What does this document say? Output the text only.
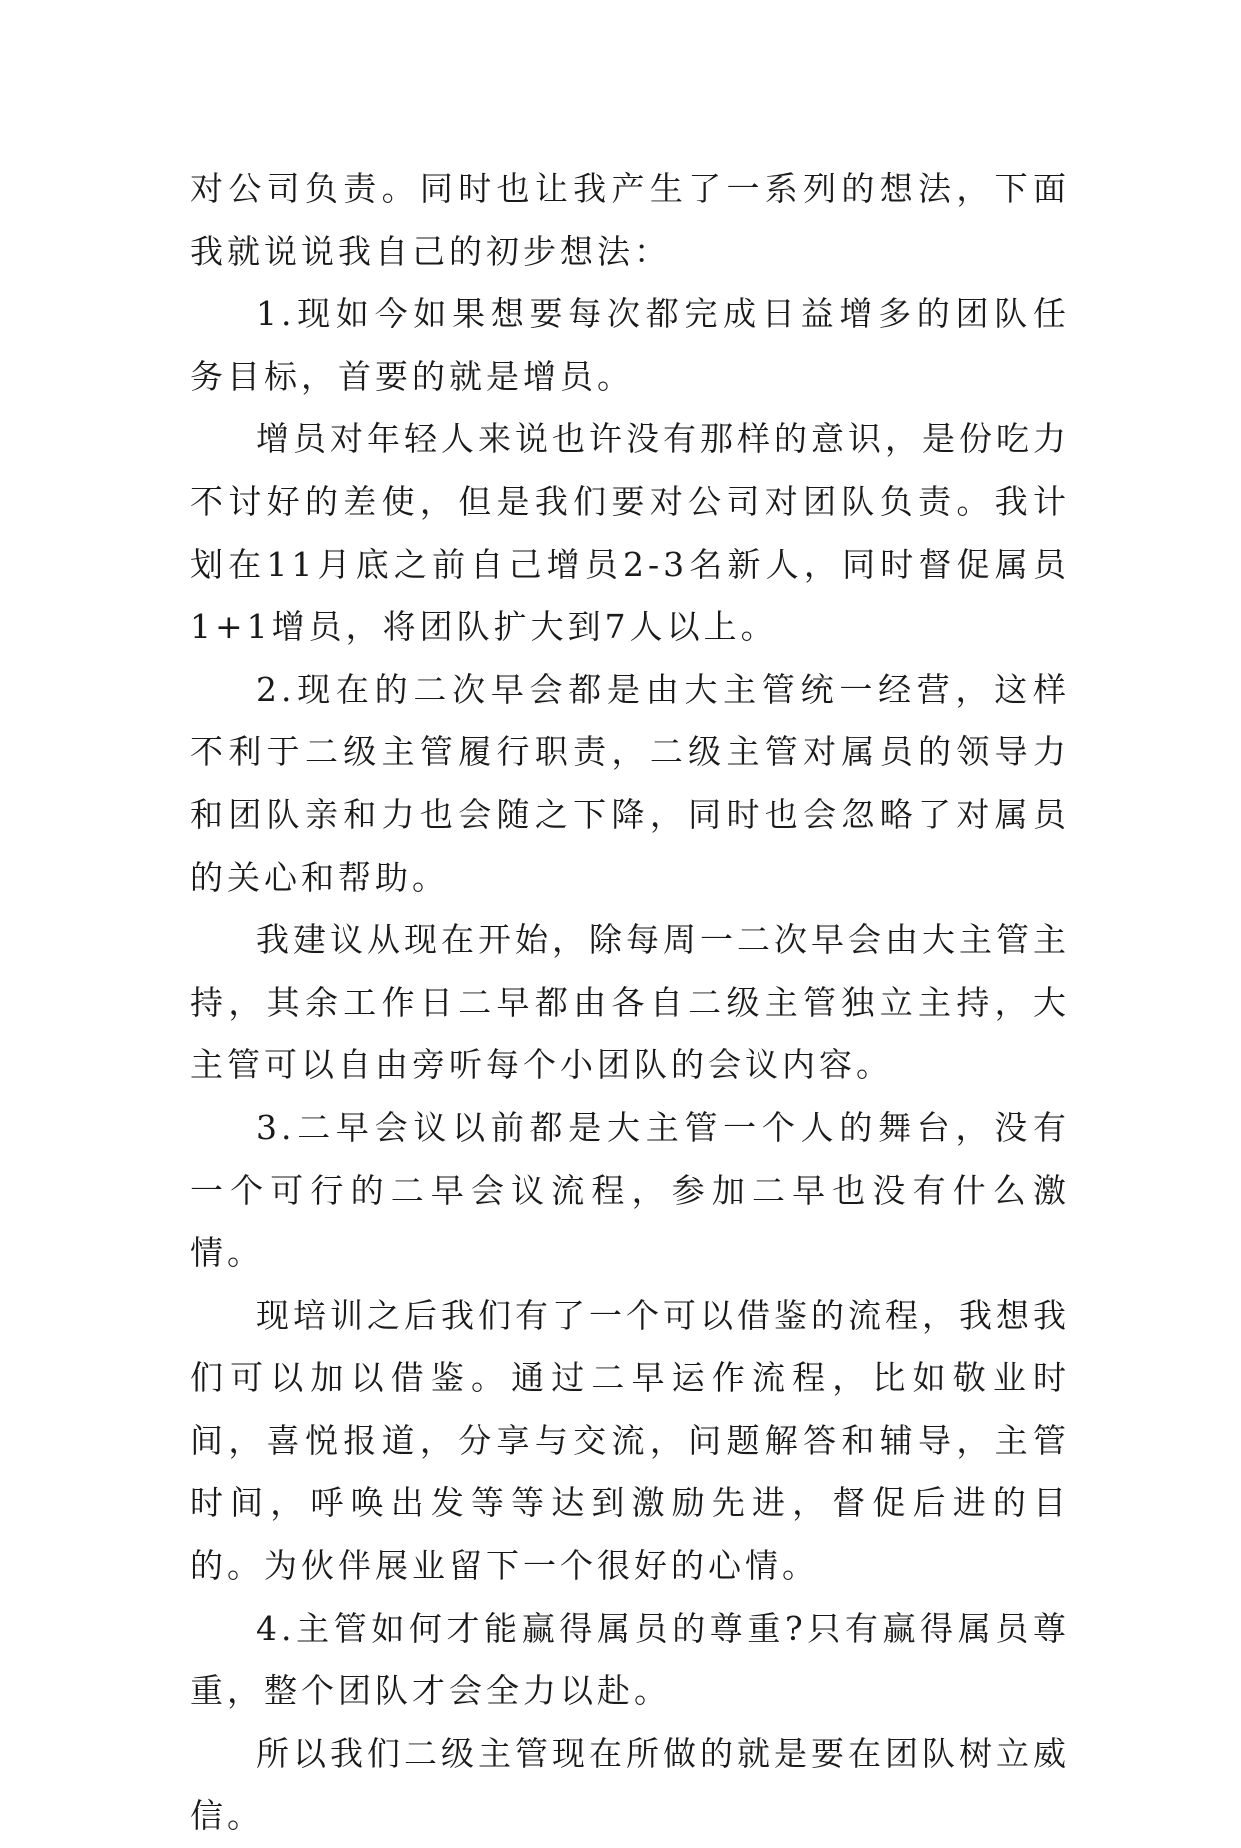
对公司负责。同时也让我产生了一系列的想法，下面我就说说我自己的初步想法：

1.现如今如果想要每次都完成日益增多的团队任务目标，首要的就是增员。

增员对年轻人来说也许没有那样的意识，是份吃力不讨好的差使，但是我们要对公司对团队负责。我计划在11月底之前自己增员2-3名新人，同时督促属员1+1增员，将团队扩大到7人以上。

2.现在的二次早会都是由大主管统一经营，这样不利于二级主管履行职责，二级主管对属员的领导力和团队亲和力也会随之下降，同时也会忽略了对属员的关心和帮助。

我建议从现在开始，除每周一二次早会由大主管主持，其余工作日二早都由各自二级主管独立主持，大主管可以自由旁听每个小团队的会议内容。

3.二早会议以前都是大主管一个人的舞台，没有一个可行的二早会议流程，参加二早也没有什么激情。

现培训之后我们有了一个可以借鉴的流程，我想我们可以加以借鉴。通过二早运作流程，比如敬业时间，喜悦报道，分享与交流，问题解答和辅导，主管时间，呼唤出发等等达到激励先进，督促后进的目的。为伙伴展业留下一个很好的心情。

4.主管如何才能赢得属员的尊重?只有赢得属员尊重，整个团队才会全力以赴。

所以我们二级主管现在所做的就是要在团队树立威信。
